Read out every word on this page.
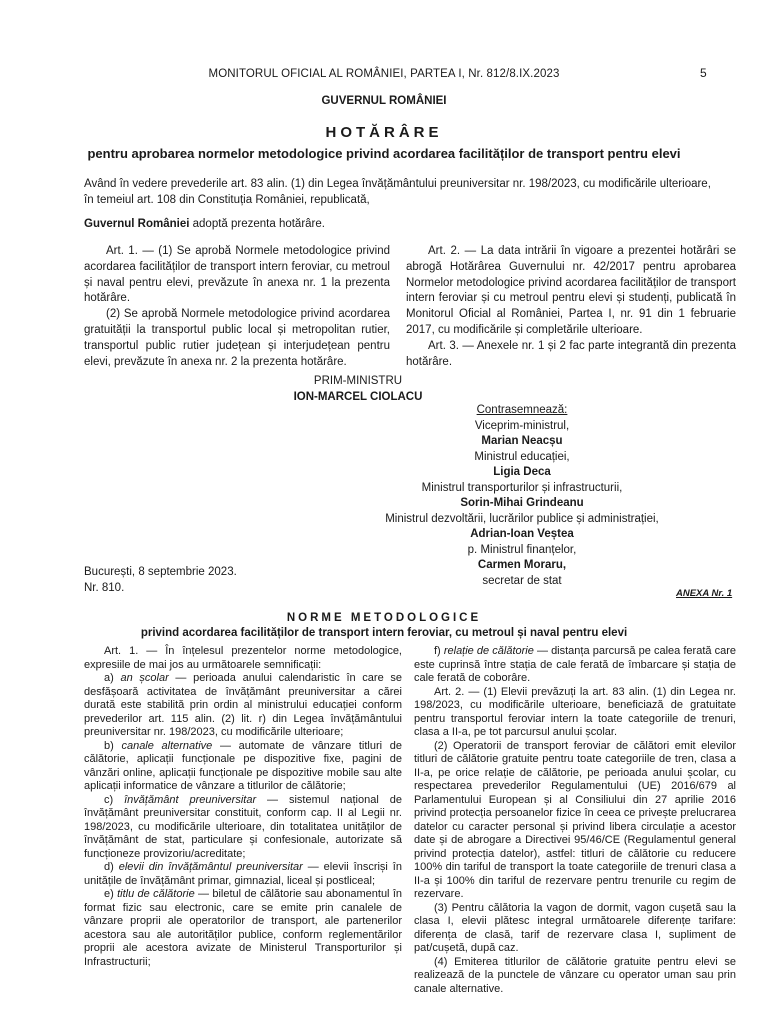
MONITORUL OFICIAL AL ROMÂNIEI, PARTEA I, Nr. 812/8.IX.2023	5
GUVERNUL ROMÂNIEI
HOTĂRÂRE
pentru aprobarea normelor metodologice privind acordarea facilităților de transport pentru elevi
Având în vedere prevederile art. 83 alin. (1) din Legea învățământului preuniversitar nr. 198/2023, cu modificările ulterioare,
în temeiul art. 108 din Constituția României, republicată,
Guvernul României adoptă prezenta hotărâre.

Art. 1. — (1) Se aprobă Normele metodologice privind acordarea facilităților de transport intern feroviar, cu metroul și naval pentru elevi, prevăzute în anexa nr. 1 la prezenta hotărâre.

(2) Se aprobă Normele metodologice privind acordarea gratuității la transportul public local și metropolitan rutier, transportul public rutier județean și interjudețean pentru elevi, prevăzute în anexa nr. 2 la prezenta hotărâre.

Art. 2. — La data intrării în vigoare a prezentei hotărâri se abrogă Hotărârea Guvernului nr. 42/2017 pentru aprobarea Normelor metodologice privind acordarea facilităților de transport intern feroviar și cu metroul pentru elevi și studenți, publicată în Monitorul Oficial al României, Partea I, nr. 91 din 1 februarie 2017, cu modificările și completările ulterioare.

Art. 3. — Anexele nr. 1 și 2 fac parte integrantă din prezenta hotărâre.

PRIM-MINISTRU
ION-MARCEL CIOLACU
Contrasemnează:
Viceprim-ministrul,
Marian Neacșu
Ministrul educației,
Ligia Deca
Ministrul transporturilor și infrastructurii,
Sorin-Mihai Grindeanu
Ministrul dezvoltării, lucrărilor publice și administrației,
Adrian-Ioan Veștea
p. Ministrul finanțelor,
Carmen Moraru,
secretar de stat
București, 8 septembrie 2023.
Nr. 810.	ANEXA Nr. 1
NORME METODOLOGICE
privind acordarea facilităților de transport intern feroviar, cu metroul și naval pentru elevi

Art. 1. — În înțelesul prezentelor norme metodologice, expresiile de mai jos au următoarele semnificații:

a) an școlar — perioada anului calendaristic în care se desfășoară activitatea de învățământ preuniversitar a cărei durată este stabilită prin ordin al ministrului educației conform prevederilor art. 115 alin. (2) lit. r) din Legea învățământului preuniversitar nr. 198/2023, cu modificările ulterioare;

b) canale alternative — automate de vânzare titluri de călătorie, aplicații funcționale pe dispozitive fixe, pagini de vânzări online, aplicații funcționale pe dispozitive mobile sau alte aplicații informatice de vânzare a titlurilor de călătorie;

c) învățământ preuniversitar — sistemul național de învățământ preuniversitar constituit, conform cap. II al Legii nr. 198/2023, cu modificările ulterioare, din totalitatea unităților de învățământ de stat, particulare și confesionale, autorizate să funcționeze provizoriu/acreditate;

d) elevii din învățământul preuniversitar — elevii înscriși în unitățile de învățământ primar, gimnazial, liceal și postliceal;

e) titlu de călătorie — biletul de călătorie sau abonamentul în format fizic sau electronic, care se emite prin canalele de vânzare proprii ale operatorilor de transport, ale partenerilor acestora sau ale autorităților publice, conform reglementărilor proprii ale acestora avizate de Ministerul Transporturilor și Infrastructurii;

f) relație de călătorie — distanța parcursă pe calea ferată care este cuprinsă între stația de cale ferată de îmbarcare și stația de cale ferată de coborâre.

Art. 2. — (1) Elevii prevăzuți la art. 83 alin. (1) din Legea nr. 198/2023, cu modificările ulterioare, beneficiază de gratuitate pentru transportul feroviar intern la toate categoriile de trenuri, clasa a II-a, pe tot parcursul anului școlar.

(2) Operatorii de transport feroviar de călători emit elevilor titluri de călătorie gratuite pentru toate categoriile de tren, clasa a II-a, pe orice relație de călătorie, pe perioada anului școlar, cu respectarea prevederilor Regulamentului (UE) 2016/679 al Parlamentului European și al Consiliului din 27 aprilie 2016 privind protecția persoanelor fizice în ceea ce privește prelucrarea datelor cu caracter personal și privind libera circulație a acestor date și de abrogare a Directivei 95/46/CE (Regulamentul general privind protecția datelor), astfel: titluri de călătorie cu reducere 100% din tariful de transport la toate categoriile de trenuri clasa a II-a și 100% din tariful de rezervare pentru trenurile cu regim de rezervare.

(3) Pentru călătoria la vagon de dormit, vagon cușetă sau la clasa I, elevii plătesc integral următoarele diferențe tarifare: diferența de clasă, tarif de rezervare clasa I, supliment de pat/cușetă, după caz.

(4) Emiterea titlurilor de călătorie gratuite pentru elevi se realizează de la punctele de vânzare cu operator uman sau prin canale alternative.
